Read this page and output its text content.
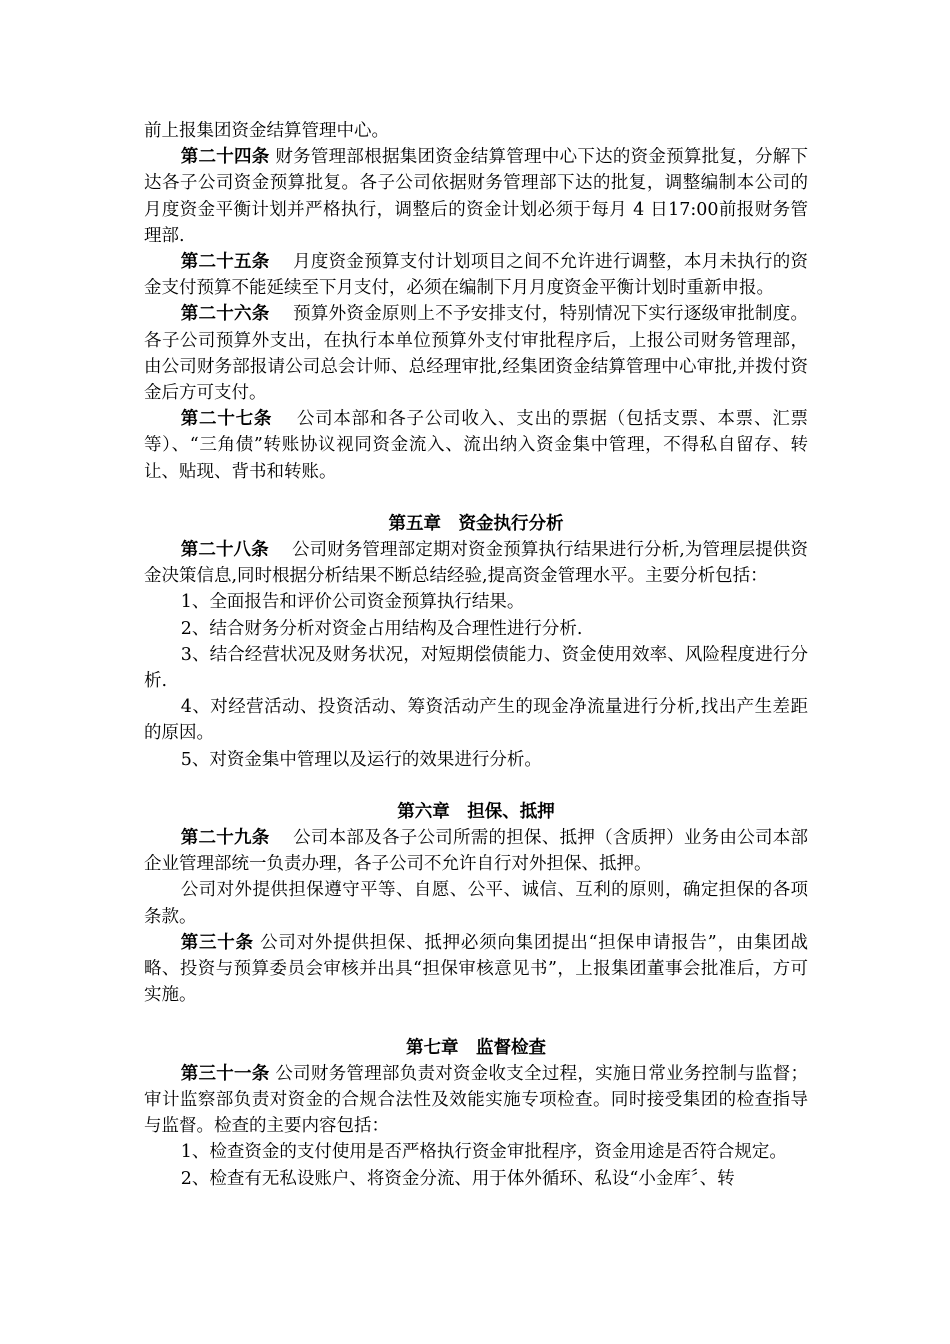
前上报集团资金结算管理中心。

第二十四条 财务管理部根据集团资金结算管理中心下达的资金预算批复，分解下达各子公司资金预算批复。各子公司依据财务管理部下达的批复，调整编制本公司的月度资金平衡计划并严格执行，调整后的资金计划必须于每月 4 日17:00前报财务管理部.

第二十五条　 月度资金预算支付计划项目之间不允许进行调整，本月未执行的资金支付预算不能延续至下月支付，必须在编制下月月度资金平衡计划时重新申报。

第二十六条　 预算外资金原则上不予安排支付，特别情况下实行逐级审批制度。各子公司预算外支出，在执行本单位预算外支付审批程序后，上报公司财务管理部，由公司财务部报请公司总会计师、总经理审批,经集团资金结算管理中心审批,并拨付资金后方可支付。

第二十七条　 公司本部和各子公司收入、支出的票据（包括支票、本票、汇票等）、“三角债”转账协议视同资金流入、流出纳入资金集中管理，不得私自留存、转让、贴现、背书和转账。

第五章　资金执行分析

第二十八条　 公司财务管理部定期对资金预算执行结果进行分析,为管理层提供资金决策信息,同时根据分析结果不断总结经验,提高资金管理水平。主要分析包括：

1、全面报告和评价公司资金预算执行结果。

2、结合财务分析对资金占用结构及合理性进行分析.

3、结合经营状况及财务状况，对短期偿债能力、资金使用效率、风险程度进行分析.

4、对经营活动、投资活动、筹资活动产生的现金净流量进行分析,找出产生差距的原因。

5、对资金集中管理以及运行的效果进行分析。

第六章　担保、抵押

第二十九条　 公司本部及各子公司所需的担保、抵押（含质押）业务由公司本部企业管理部统一负责办理，各子公司不允许自行对外担保、抵押。

公司对外提供担保遵守平等、自愿、公平、诚信、互利的原则，确定担保的各项条款。

第三十条 公司对外提供担保、抵押必须向集团提出“担保申请报告”，由集团战略、投资与预算委员会审核并出具“担保审核意见书”，上报集团董事会批准后，方可实施。

第七章　监督检查

第三十一条 公司财务管理部负责对资金收支全过程，实施日常业务控制与监督；审计监察部负责对资金的合规合法性及效能实施专项检查。同时接受集团的检查指导与监督。检查的主要内容包括：

1、检查资金的支付使用是否严格执行资金审批程序，资金用途是否符合规定。

2、检查有无私设账户、将资金分流、用于体外循环、私设“小金库〞、转
